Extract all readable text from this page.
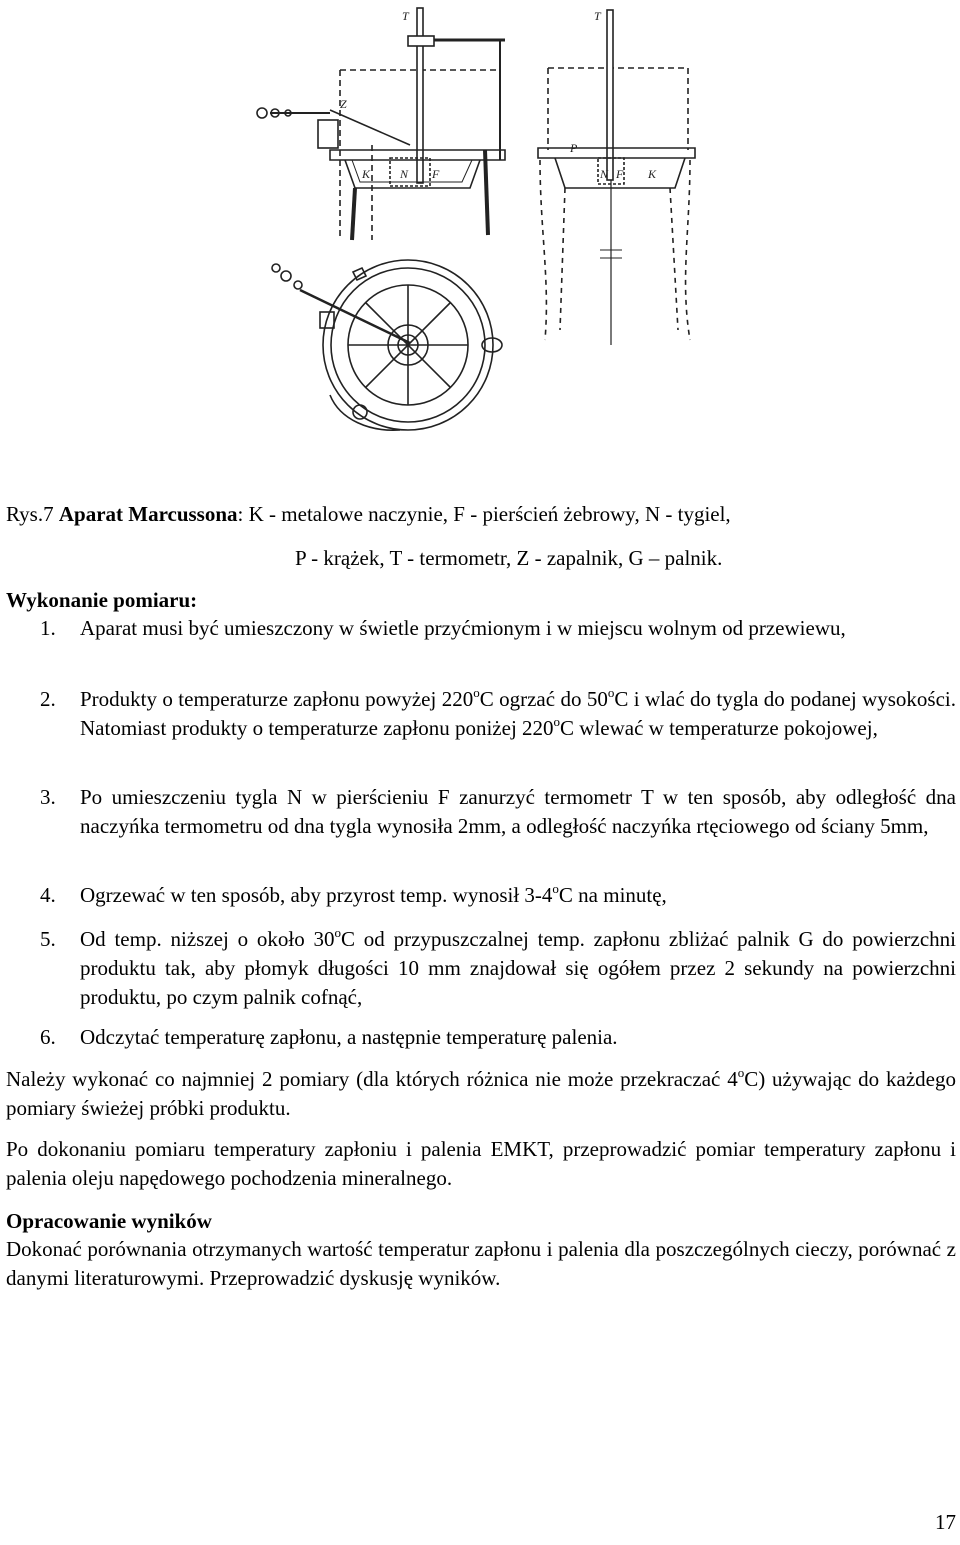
T
Z
K N F
T
P
N F K
Rys.7 Aparat Marcussona: K - metalowe naczynie, F - pierścień żebrowy, N - tygiel,
P - krążek, T - termometr, Z - zapalnik, G – palnik.
Wykonanie pomiaru:
1. Aparat musi być umieszczony w świetle przyćmionym i w miejscu wolnym od przewiewu,
2. Produkty o temperaturze zapłonu powyżej 220$^o$C ogrzać do 50$^o$C i wlać do tygla do podanej wysokości. Natomiast produkty o temperaturze zapłonu poniżej 220$^o$C wlewać w temperaturze pokojowej,
3. Po umieszczeniu tygla N w pierścieniu F zanurzyć termometr T w ten sposób, aby odległość dna naczyńka termometru od dna tygla wynosiła 2mm, a odległość naczyńka rtęciowego od ściany 5mm,
4. Ogrzewać w ten sposób, aby przyrost temp. wynosił 3-4$^o$C na minutę,
5. Od temp. niższej o około 30$^o$C od przypuszczalnej temp. zapłonu zbliżać palnik G do powierzchni produktu tak, aby płomyk długości 10 mm znajdował się ogółem przez 2 sekundy na powierzchni produktu, po czym palnik cofnąć,
6. Odczytać temperaturę zapłonu, a następnie temperaturę palenia.
Należy wykonać co najmniej 2 pomiary (dla których różnica nie może przekraczać 4$^o$C) używając do każdego pomiary świeżej próbki produktu.
Po dokonaniu pomiaru temperatury zapłoniu i palenia EMKT, przeprowadzić pomiar temperatury zapłonu i palenia oleju napędowego pochodzenia mineralnego.
Opracowanie wyników
Dokonać porównania otrzymanych wartość temperatur zapłonu i palenia dla poszczególnych cieczy, porównać z danymi literaturowymi. Przeprowadzić dyskusję wyników.
17
